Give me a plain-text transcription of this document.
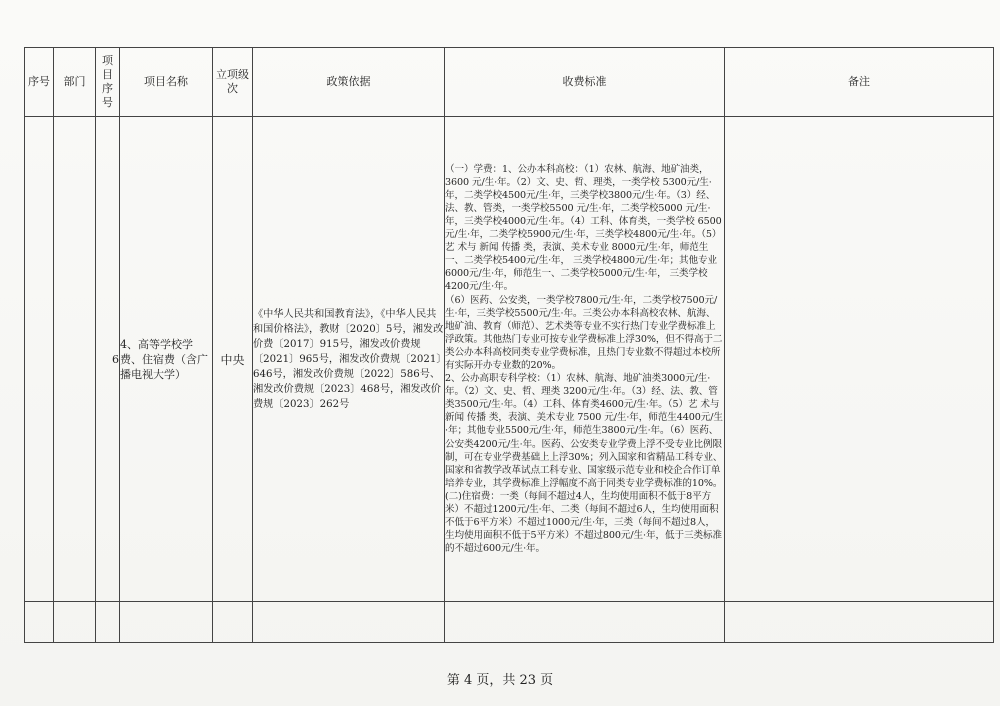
序号	部门	项目序号	项目名称	立项级次	政策依据	收费标准	备注
		6	4、高等学校学费、住宿费（含广播电视大学）	中央	《中华人民共和国教育法》，《中华人民共和国价格法》，教财〔2020〕5号，湘发改价费〔2017〕915号，湘发改价费规〔2021〕965号，湘发改价费规〔2021〕646号，湘发改价费规〔2022〕586号、湘发改价费规〔2023〕468号，湘发改价费规〔2023〕262号	（一）学费：1、公办本科高校：（1）农林、航海、地矿油类，3600 元/生·年。（2）文、史、哲、理类，一类学校 5300元/生·年，二类学校4500元/生·年，三类学校3800元/生·年。（3）经、法、教、管类，一类学校5500 元/生·年，二类学校5000 元/生·年，三类学校4000元/生·年。（4）工科、体育类，一类学校 6500 元/生·年，二类学校5900元/生·年，三类学校4800元/生·年。（5）艺 术与 新闻 传播 类，表演、美术专业 8000元/生·年，师范生一、二类学校5400元/生·年， 三类学校4800元/生·年；其他专业 6000元/生·年，师范生一、二类学校5000元/生·年， 三类学校4200元/生·年。

（6）医药、公安类，一类学校7800元/生·年，二类学校7500元/生·年，三类学校5500元/生·年。三类公办本科高校农林、航海、地矿油、教育（师范）、艺术类等专业不实行热门专业学费标准上浮政策。其他热门专业可按专业学费标准上浮30%，但不得高于二类公办本科高校同类专业学费标准，且热门专业数不得超过本校所有实际开办专业数的20%。

2、公办高职专科学校：（1）农林、航海、地矿油类3000元/生·年。（2）文、史、哲、理类 3200元/生·年。（3）经、法、教、管类3500元/生·年。（4）工科、体育类4600元/生·年。（5）艺 术与 新闻 传播 类，表演、美术专业 7500 元/生·年，师范生4400元/生·年；其他专业5500元/生·年，师范生3800元/生·年。（6）医药、公安类4200元/生·年。医药、公安类专业学费上浮不受专业比例限制，可在专业学费基础上上浮30%；列入国家和省精品工科专业、国家和省教学改革试点工科专业、国家级示范专业和校企合作订单培养专业，其学费标准上浮幅度不高于同类专业学费标准的10%。

(二)住宿费：一类（每间不超过4人，生均使用面积不低于8平方米）不超过1200元/生·年、二类（每间不超过6人，生均使用面积不低于6平方米）不超过1000元/生·年，三类（每间不超过8人，生均使用面积不低于5平方米）不超过800元/生·年，低于三类标准的不超过600元/生·年。	

第 4 页，共 23 页
